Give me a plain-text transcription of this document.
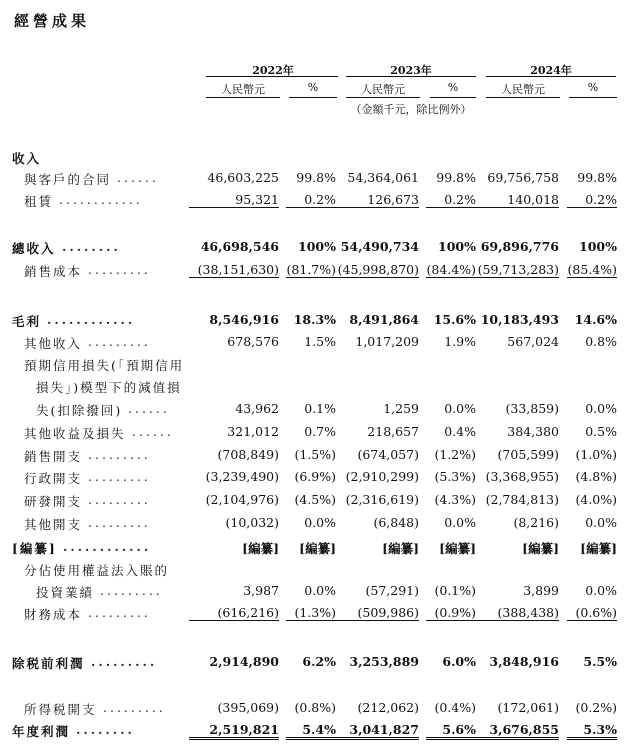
經營成果
2022年	2023年	2024年
人民幣元	%	人民幣元	%	人民幣元	%
（金額千元，除比例外）
收入
與客戶的合同 ......	46,603,225	99.8% 54,364,061	99.8% 69,756,758	99.8%
租賃 ............	95,321	0.2%	126,673	0.2%	140,018	0.2%
總收入 ........	46,698,546	100% 54,490,734	100% 69,896,776	100%
銷售成本 .........	(38,151,630) (81.7%) (45,998,870) (84.4%) (59,713,283) (85.4%)
毛利 ............	8,546,916	18.3%	8,491,864	15.6% 10,183,493	14.6%
其他收入 .........	678,576	1.5%	1,017,209	1.9%	567,024	0.8%
預期信用損失(「預期信用
損失」)模型下的減值損
失(扣除撥回) ......	43,962	0.1%	1,259	0.0%	(33,859)	0.0%
其他收益及損失 ......	321,012	0.7%	218,657	0.4%	384,380	0.5%
銷售開支 .........	(708,849)	(1.5%)	(674,057)	(1.2%)	(705,599)	(1.0%)
行政開支 .........	(3,239,490)	(6.9%) (2,910,299)	(5.3%) (3,368,955)	(4.8%)
研發開支 .........	(2,104,976)	(4.5%) (2,316,619)	(4.3%) (2,784,813)	(4.0%)
其他開支 .........	(10,032)	0.0%	(6,848)	0.0%	(8,216)	0.0%
[編纂] ............	[編纂]	[編纂]	[編纂]	[編纂]	[編纂]	[編纂]
分佔使用權益法入賬的
投資業績 .........	3,987	0.0%	(57,291)	(0.1%)	3,899	0.0%
財務成本 .........	(616,216)	(1.3%)	(509,986)	(0.9%)	(388,438)	(0.6%)
除税前利潤 .........	2,914,890	6.2%	3,253,889	6.0%	3,848,916	5.5%
所得税開支 .........	(395,069)	(0.8%)	(212,062)	(0.4%)	(172,061)	(0.2%)
年度利潤 ........	2,519,821	5.4%	3,041,827	5.6%	3,676,855	5.3%
